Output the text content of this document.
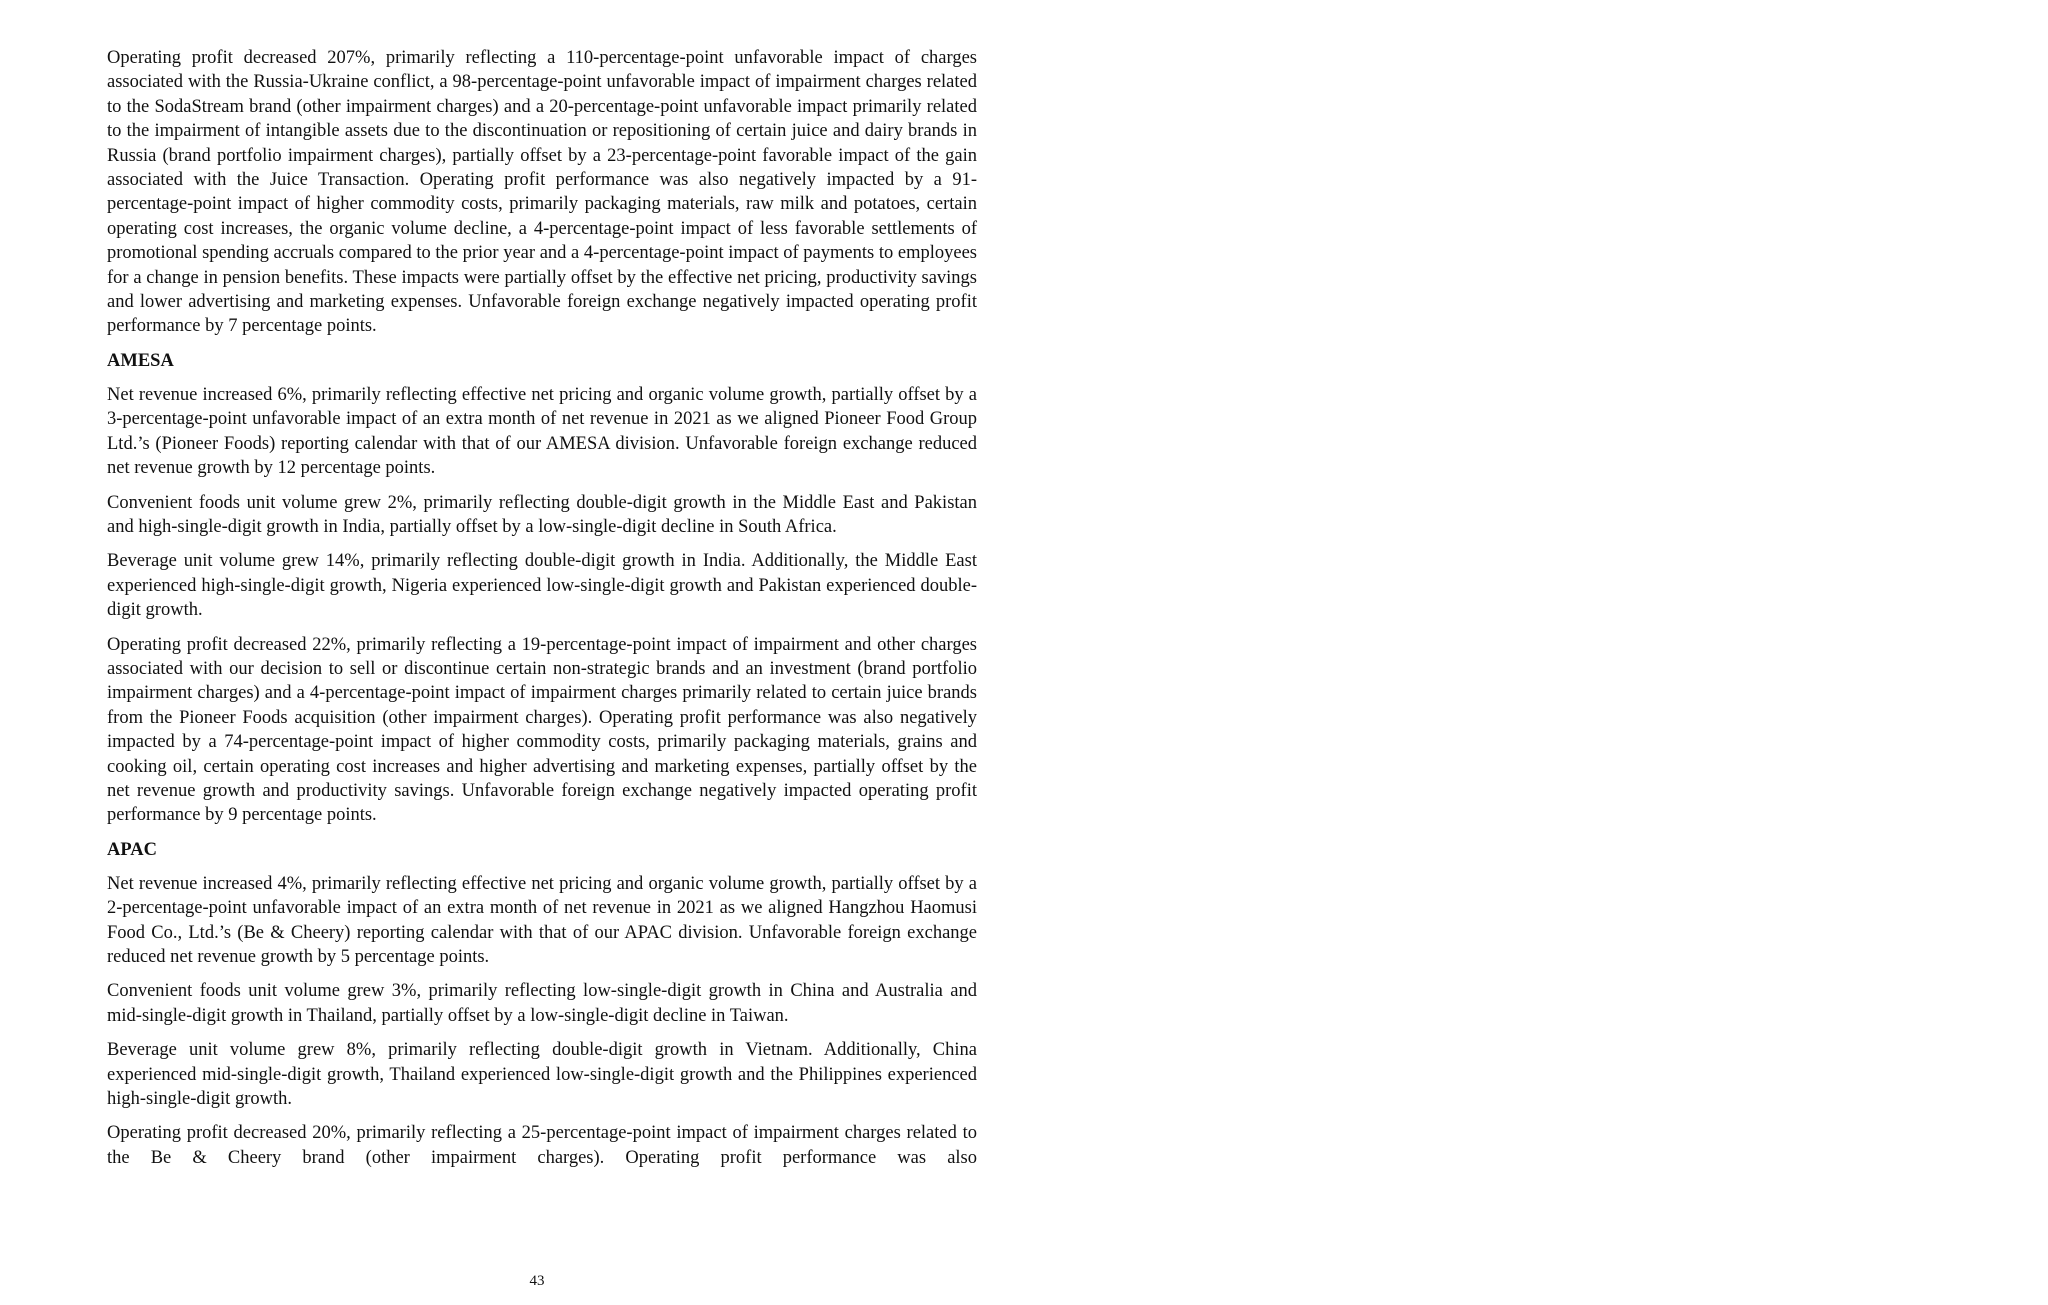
Operating profit decreased 207%, primarily reflecting a 110-percentage-point unfavorable impact of charges associated with the Russia-Ukraine conflict, a 98-percentage-point unfavorable impact of impairment charges related to the SodaStream brand (other impairment charges) and a 20-percentage-point unfavorable impact primarily related to the impairment of intangible assets due to the discontinuation or repositioning of certain juice and dairy brands in Russia (brand portfolio impairment charges), partially offset by a 23-percentage-point favorable impact of the gain associated with the Juice Transaction. Operating profit performance was also negatively impacted by a 91-percentage-point impact of higher commodity costs, primarily packaging materials, raw milk and potatoes, certain operating cost increases, the organic volume decline, a 4-percentage-point impact of less favorable settlements of promotional spending accruals compared to the prior year and a 4-percentage-point impact of payments to employees for a change in pension benefits. These impacts were partially offset by the effective net pricing, productivity savings and lower advertising and marketing expenses. Unfavorable foreign exchange negatively impacted operating profit performance by 7 percentage points.

AMESA

Net revenue increased 6%, primarily reflecting effective net pricing and organic volume growth, partially offset by a 3-percentage-point unfavorable impact of an extra month of net revenue in 2021 as we aligned Pioneer Food Group Ltd.’s (Pioneer Foods) reporting calendar with that of our AMESA division. Unfavorable foreign exchange reduced net revenue growth by 12 percentage points.

Convenient foods unit volume grew 2%, primarily reflecting double-digit growth in the Middle East and Pakistan and high-single-digit growth in India, partially offset by a low-single-digit decline in South Africa.

Beverage unit volume grew 14%, primarily reflecting double-digit growth in India. Additionally, the Middle East experienced high-single-digit growth, Nigeria experienced low-single-digit growth and Pakistan experienced double-digit growth.

Operating profit decreased 22%, primarily reflecting a 19-percentage-point impact of impairment and other charges associated with our decision to sell or discontinue certain non-strategic brands and an investment (brand portfolio impairment charges) and a 4-percentage-point impact of impairment charges primarily related to certain juice brands from the Pioneer Foods acquisition (other impairment charges). Operating profit performance was also negatively impacted by a 74-percentage-point impact of higher commodity costs, primarily packaging materials, grains and cooking oil, certain operating cost increases and higher advertising and marketing expenses, partially offset by the net revenue growth and productivity savings. Unfavorable foreign exchange negatively impacted operating profit performance by 9 percentage points.

APAC

Net revenue increased 4%, primarily reflecting effective net pricing and organic volume growth, partially offset by a 2-percentage-point unfavorable impact of an extra month of net revenue in 2021 as we aligned Hangzhou Haomusi Food Co., Ltd.’s (Be & Cheery) reporting calendar with that of our APAC division. Unfavorable foreign exchange reduced net revenue growth by 5 percentage points.

Convenient foods unit volume grew 3%, primarily reflecting low-single-digit growth in China and Australia and mid-single-digit growth in Thailand, partially offset by a low-single-digit decline in Taiwan.

Beverage unit volume grew 8%, primarily reflecting double-digit growth in Vietnam. Additionally, China experienced mid-single-digit growth, Thailand experienced low-single-digit growth and the Philippines experienced high-single-digit growth.

Operating profit decreased 20%, primarily reflecting a 25-percentage-point impact of impairment charges related to the Be & Cheery brand (other impairment charges). Operating profit performance was also

43
